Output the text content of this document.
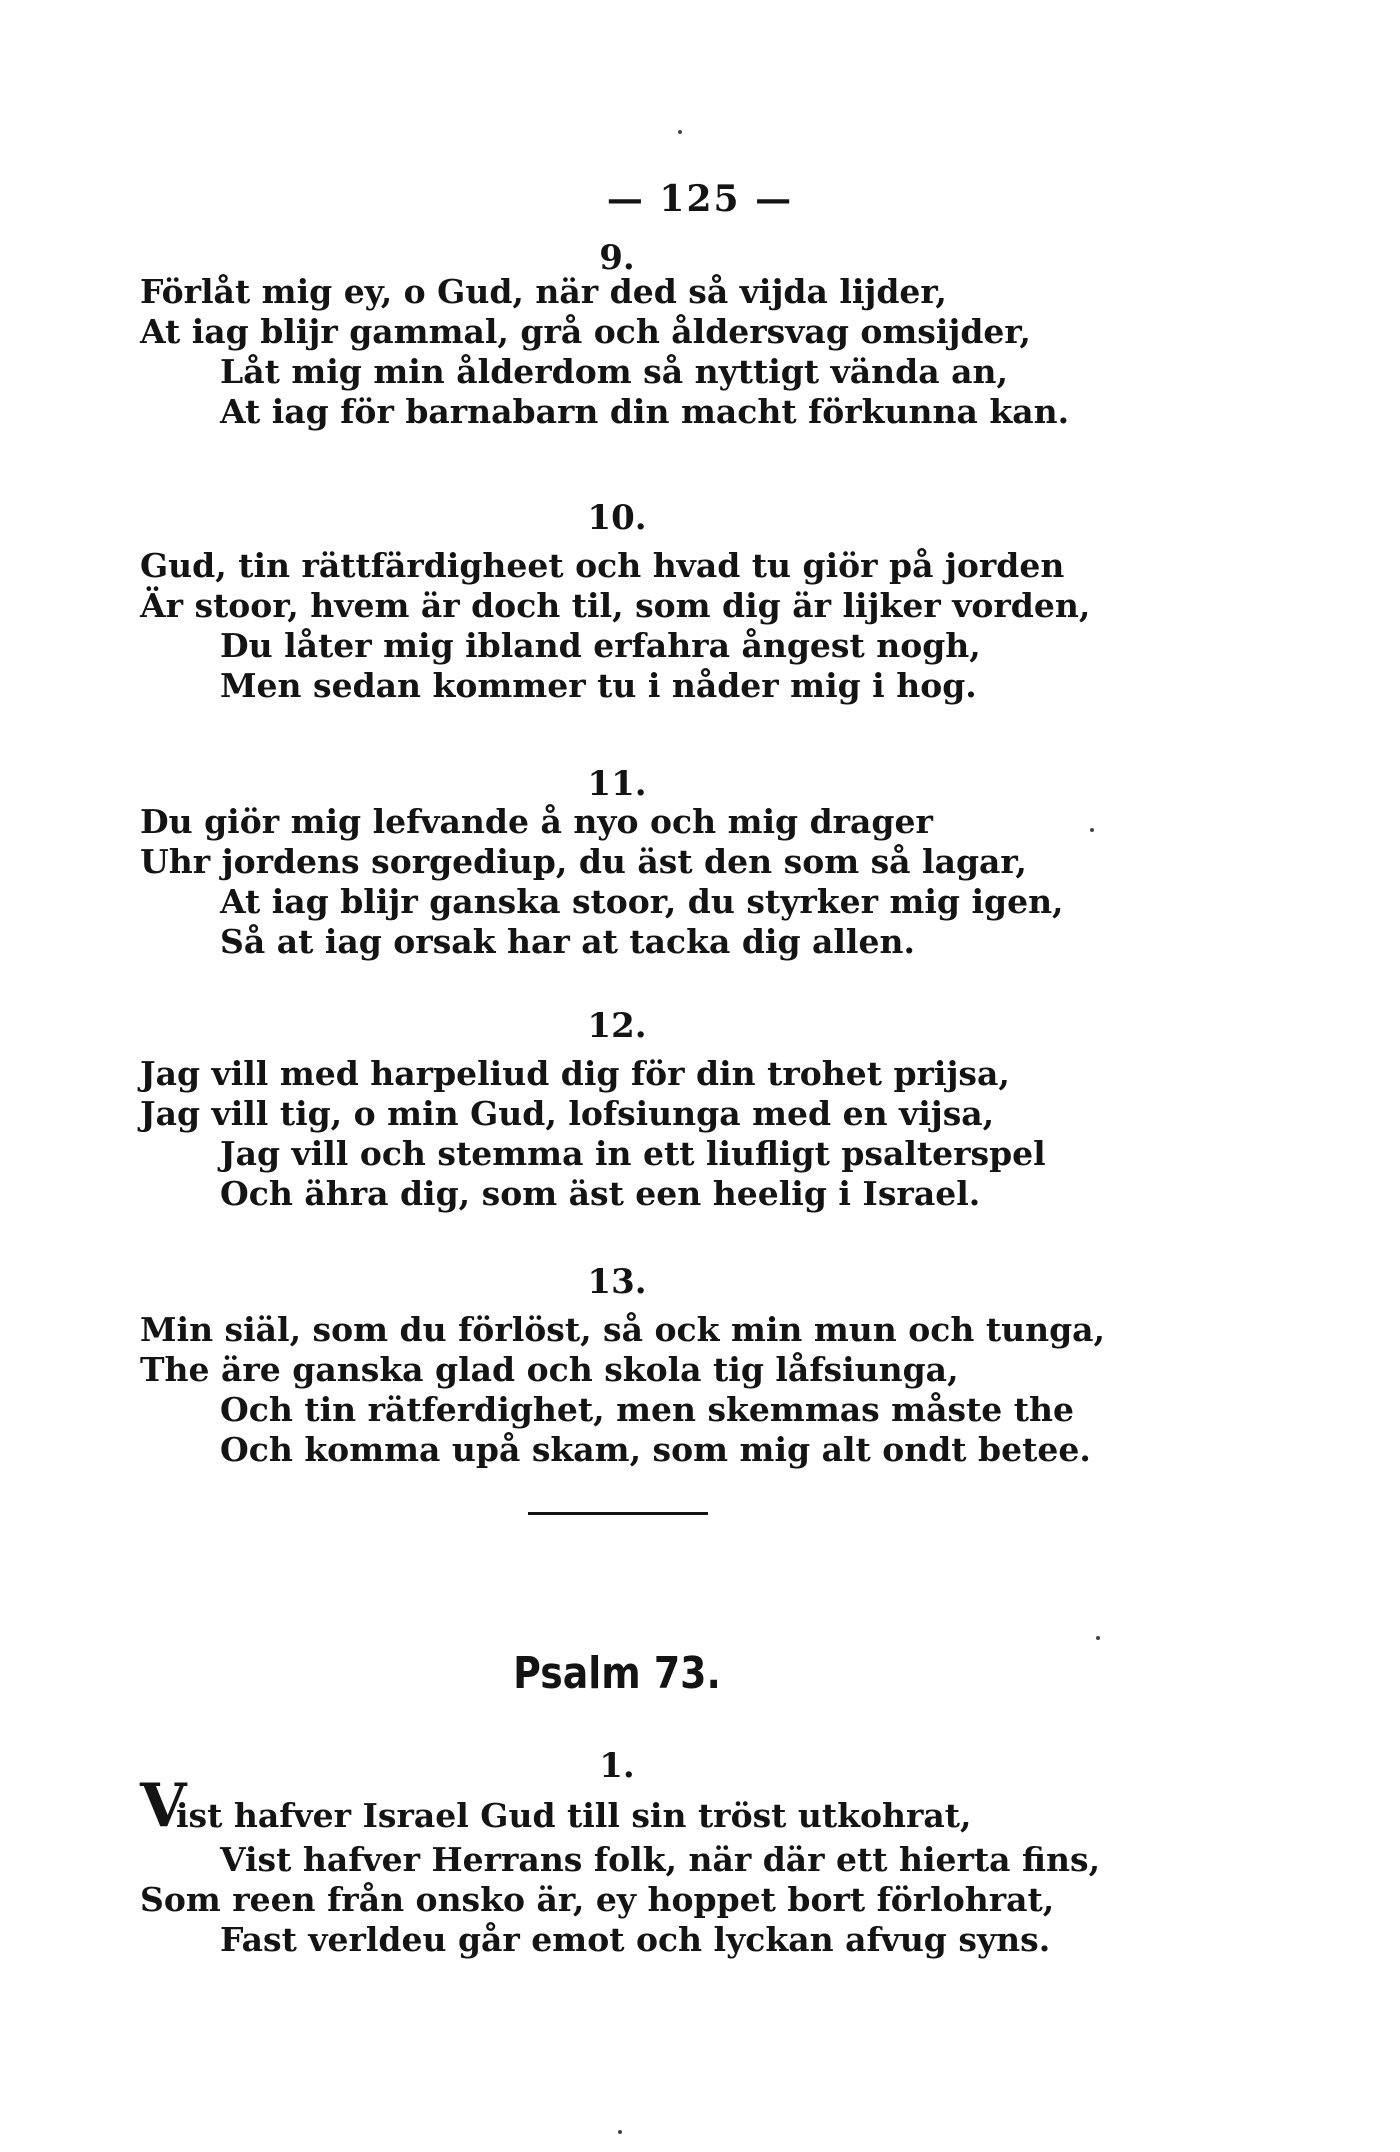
— 125 —
9.
Förlåt mig ey, o Gud, när ded så vijda lijder,
At iag blijr gammal, grå och åldersvag omsijder,
Låt mig min ålderdom så nyttigt vända an,
At iag för barnabarn din macht förkunna kan.
10.
Gud, tin rättfärdigheet och hvad tu giör på jorden
Är stoor, hvem är doch til, som dig är lijker vorden,
Du låter mig ibland erfahra ångest nogh,
Men sedan kommer tu i nåder mig i hog.
11.
Du giör mig lefvande å nyo och mig drager
Uhr jordens sorgediup, du äst den som så lagar,
At iag blijr ganska stoor, du styrker mig igen,
Så at iag orsak har at tacka dig allen.
12.
Jag vill med harpeliud dig för din trohet prijsa,
Jag vill tig, o min Gud, lofsiunga med en vijsa,
Jag vill och stemma in ett liufligt psalterspel
Och ähra dig, som äst een heelig i Israel.
13.
Min siäl, som du förlöst, så ock min mun och tunga,
The äre ganska glad och skola tig låfsiunga,
Och tin rätferdighet, men skemmas måste the
Och komma upå skam, som mig alt ondt betee.
Psalm 73.
1.
V
ist hafver Israel Gud till sin tröst utkohrat,
Vist hafver Herrans folk, när där ett hierta fins,
Som reen från onsko är, ey hoppet bort förlohrat,
Fast verldeu går emot och lyckan afvug syns.
